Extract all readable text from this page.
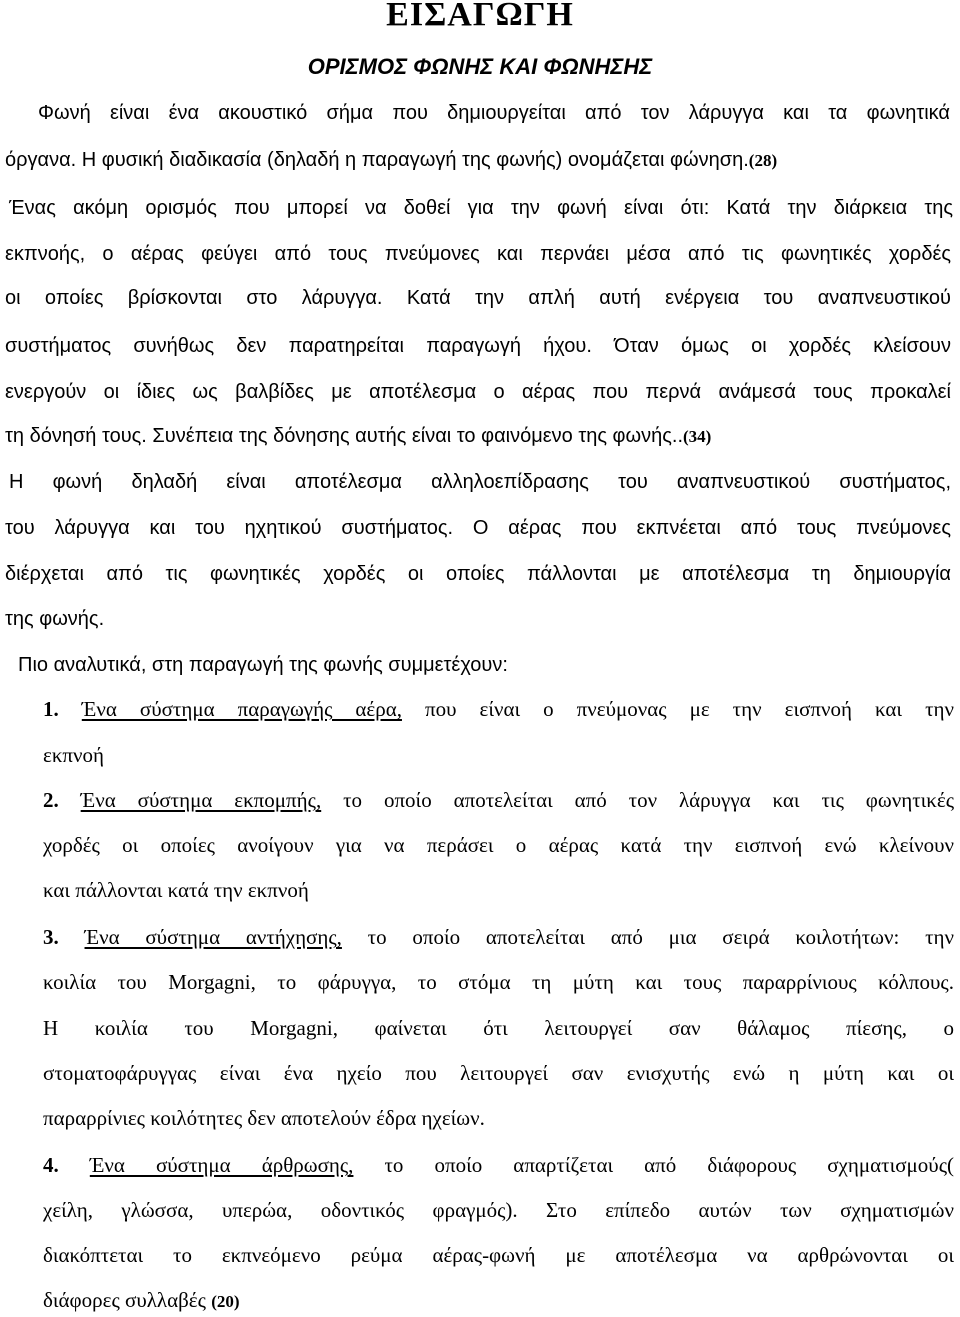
ΕΙΣΑΓΩΓΗ
ΟΡΙΣΜΟΣ ΦΩΝΗΣ ΚΑΙ ΦΩΝΗΣΗΣ

Φωνή είναι ένα ακουστικό σήμα που δημιουργείται από τον λάρυγγα και τα φωνητικά

όργανα. Η φυσική διαδικασία (δηλαδή η παραγωγή της φωνής) ονομάζεται φώνηση.(28)

Ένας ακόμη ορισμός που μπορεί να δοθεί για την φωνή είναι ότι: Κατά την διάρκεια της

εκπνοής, ο αέρας φεύγει από τους πνεύμονες και περνάει μέσα από τις φωνητικές χορδές

οι οποίες βρίσκονται στο λάρυγγα. Κατά την απλή αυτή ενέργεια του αναπνευστικού

συστήματος συνήθως δεν παρατηρείται παραγωγή ήχου. Όταν όμως οι χορδές κλείσουν

ενεργούν οι ίδιες ως βαλβίδες με αποτέλεσμα ο αέρας που περνά ανάμεσά τους προκαλεί

τη δόνησή τους. Συνέπεια της δόνησης αυτής είναι το φαινόμενο της φωνής..(34)

Η φωνή δηλαδή είναι αποτέλεσμα αλληλοεπίδρασης του αναπνευστικού συστήματος,

του λάρυγγα και του ηχητικού συστήματος. Ο αέρας που εκπνέεται από τους πνεύμονες

διέρχεται από τις φωνητικές χορδές οι οποίες πάλλονται με αποτέλεσμα τη δημιουργία

της φωνής.

Πιο αναλυτικά, στη παραγωγή της φωνής συμμετέχουν:

1. Ένα σύστημα παραγωγής αέρα, που είναι ο πνεύμονας με την εισπνοή και την

εκπνοή

2. Ένα σύστημα εκπομπής, το οποίο αποτελείται από τον λάρυγγα και τις φωνητικές

χορδές οι οποίες ανοίγουν για να περάσει ο αέρας κατά την εισπνοή ενώ κλείνουν

και πάλλονται κατά την εκπνοή

3. Ένα σύστημα αντήχησης, το οποίο αποτελείται από μια σειρά κοιλοτήτων: την

κοιλία του Morgagni, το φάρυγγα, το στόμα τη μύτη και τους παραρρίνιους κόλπους.

Η κοιλία του Morgagni, φαίνεται ότι λειτουργεί σαν θάλαμος πίεσης, ο

στοματοφάρυγγας είναι ένα ηχείο που λειτουργεί σαν ενισχυτής ενώ η μύτη και οι

παραρρίνιες κοιλότητες δεν αποτελούν έδρα ηχείων.

4. Ένα σύστημα άρθρωσης, το οποίο απαρτίζεται από διάφορους σχηματισμούς(

χείλη, γλώσσα, υπερώα, οδοντικός φραγμός). Στο επίπεδο αυτών των σχηματισμών

διακόπτεται το εκπνεόμενο ρεύμα αέρας-φωνή με αποτέλεσμα να αρθρώνονται οι

διάφορες συλλαβές (20)
